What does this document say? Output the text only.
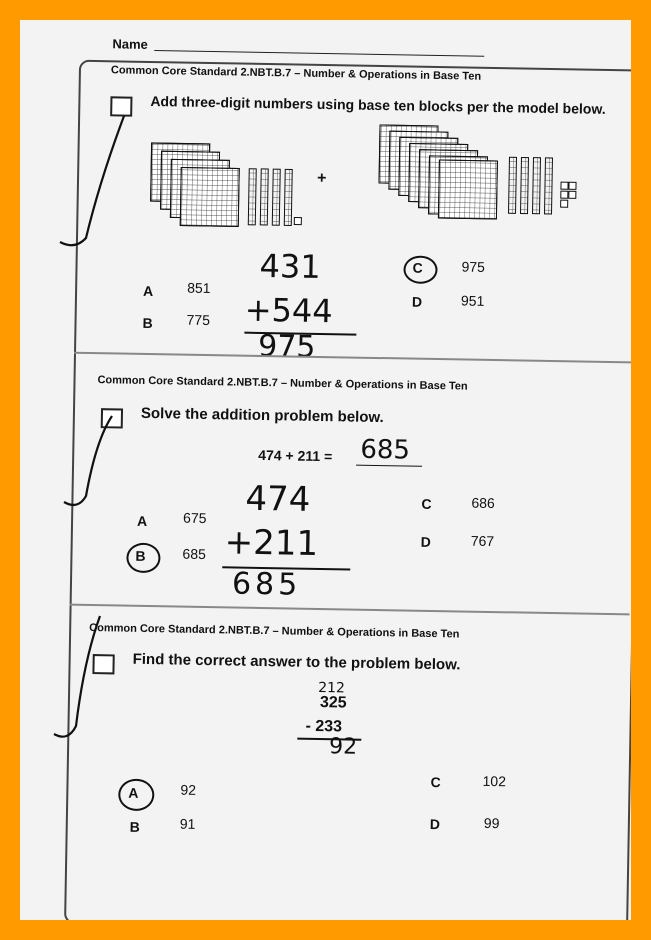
Name
Common Core Standard 2.NBT.B.7 – Number & Operations in Base Ten
Add three-digit numbers using base ten blocks per the model below.
+
431
+544
975
A 851
B 775
C	975
D	951
Common Core Standard 2.NBT.B.7 – Number & Operations in Base Ten
Solve the addition problem below.
474 + 211 = 685
474
+211
685
A	675
B	685
C	686
D	767
Common Core Standard 2.NBT.B.7 – Number & Operations in Base Ten
Find the correct answer to the problem below.
212
325
- 233
92
A	92
B	91
C	102
D	99
